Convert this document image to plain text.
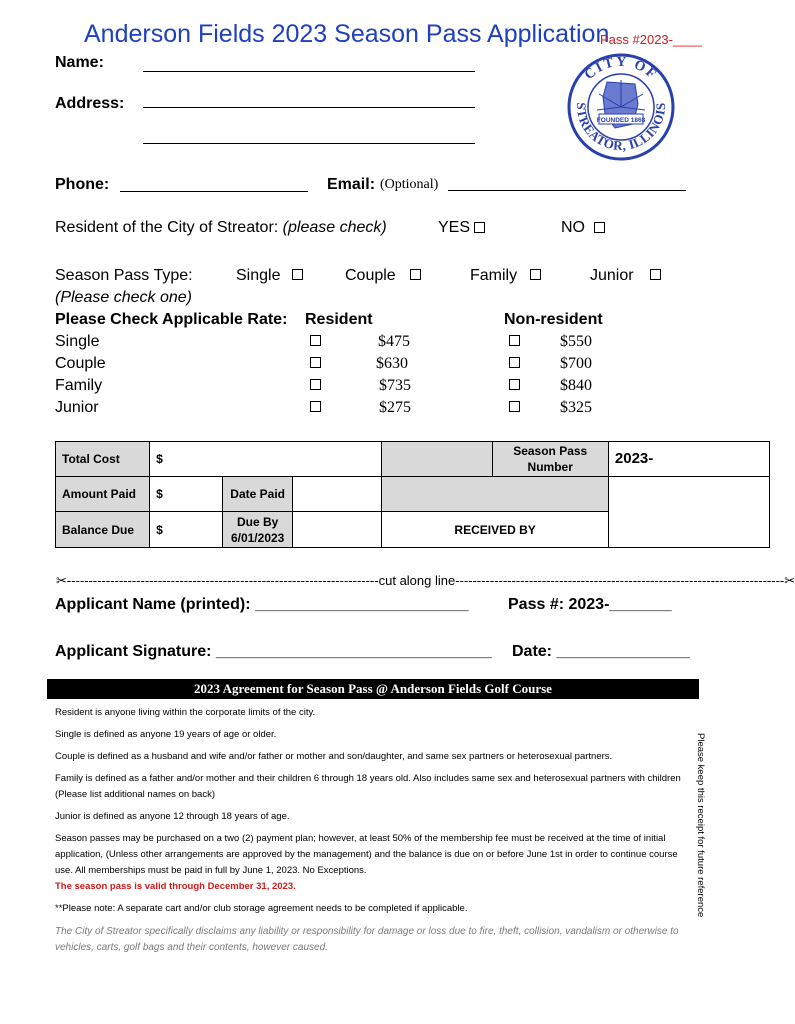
Anderson Fields 2023 Season Pass Application
Pass #2023-____
CITY OF
STREATOR, ILLINOIS
FOUNDED 1868
Name:
Address:
Phone:	Email: (Optional)
Resident of the City of Streator: (please check)	YES	NO
Season Pass Type:
(Please check one)
Single	Couple	Family	Junior
Please Check Applicable Rate: Resident	Non-resident
Single	$475	$550
Couple	$630	$700
Family	$735	$840
Junior	$275	$325
Total Cost	$				Season Pass Number	2023-
Amount Paid	$	Date Paid				
Balance Due	$	Due By 6/01/2023		RECEIVED BY		
✂------------------------------------------------------------------------cut along line----------------------------------------------------------------------------✂
Applicant Name (printed): ________________________ Pass #: 2023-_______
Applicant Signature: _______________________________ Date: _______________
2023 Agreement for Season Pass @ Anderson Fields Golf Course
Resident is anyone living within the corporate limits of the city.
Single is defined as anyone 19 years of age or older.
Couple is defined as a husband and wife and/or father or mother and son/daughter, and same sex partners or heterosexual partners.
Family is defined as a father and/or mother and their children 6 through 18 years old. Also includes same sex and heterosexual partners with children (Please list additional names on back)
Junior is defined as anyone 12 through 18 years of age.
Season passes may be purchased on a two (2) payment plan; however, at least 50% of the membership fee must be received at the time of initial application, (Unless other arrangements are approved by the management) and the balance is due on or before June 1st in order to continue course use. All memberships must be paid in full by June 1, 2023. No Exceptions.
The season pass is valid through December 31, 2023.
**Please note: A separate cart and/or club storage agreement needs to be completed if applicable.
The City of Streator specifically disclaims any liability or responsibility for damage or loss due to fire, theft, collision, vandalism or otherwise to vehicles, carts, golf bags and their contents, however caused.
Please keep this receipt for future reference
